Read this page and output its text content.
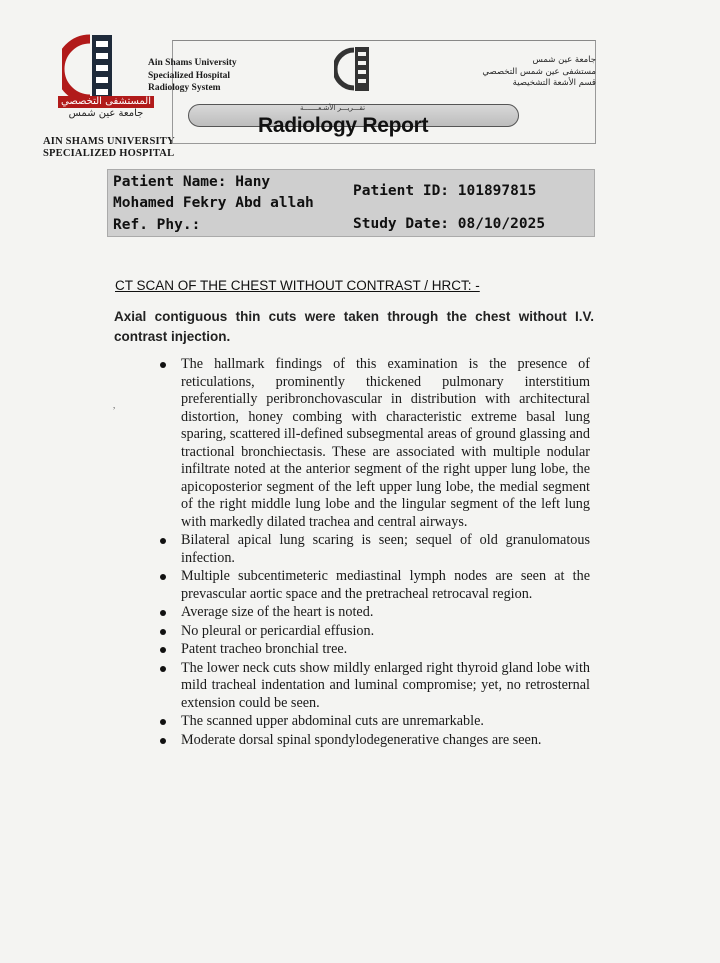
المستشفى التخصصي
جامعة عين شمس
AIN SHAMS UNIVERSITY
SPECIALIZED HOSPITAL
Ain Shams University
Specialized Hospital
Radiology System
جامعة عين شمس
مستشفى عين شمس التخصصي
قسم الأشعة التشخيصية
تقـــريـــر الأشـعـــــــة
Radiology Report
Patient Name: Hany
Mohamed Fekry Abd allah
Ref. Phy.:
Patient ID: 101897815
Study Date: 08/10/2025
CT SCAN OF THE CHEST WITHOUT CONTRAST / HRCT: -
Axial contiguous thin cuts were taken through the chest without I.V. contrast injection.
,
The hallmark findings of this examination is the presence of reticulations, prominently thickened pulmonary interstitium preferentially peribronchovascular in distribution with architectural distortion, honey combing with characteristic extreme basal lung sparing, scattered ill-defined subsegmental areas of ground glassing and tractional bronchiectasis. These are associated with multiple nodular infiltrate noted at the anterior segment of the right upper lung lobe, the apicoposterior segment of the left upper lung lobe, the medial segment of the right middle lung lobe and the lingular segment of the left lung with markedly dilated trachea and central airways.
Bilateral apical lung scaring is seen; sequel of old granulomatous infection.
Multiple subcentimeteric mediastinal lymph nodes are seen at the prevascular aortic space and the pretracheal retrocaval region.
Average size of the heart is noted.
No pleural or pericardial effusion.
Patent tracheo bronchial tree.
The lower neck cuts show mildly enlarged right thyroid gland lobe with mild tracheal indentation and luminal compromise; yet, no retrosternal extension could be seen.
The scanned upper abdominal cuts are unremarkable.
Moderate dorsal spinal spondylodegenerative changes are seen.
